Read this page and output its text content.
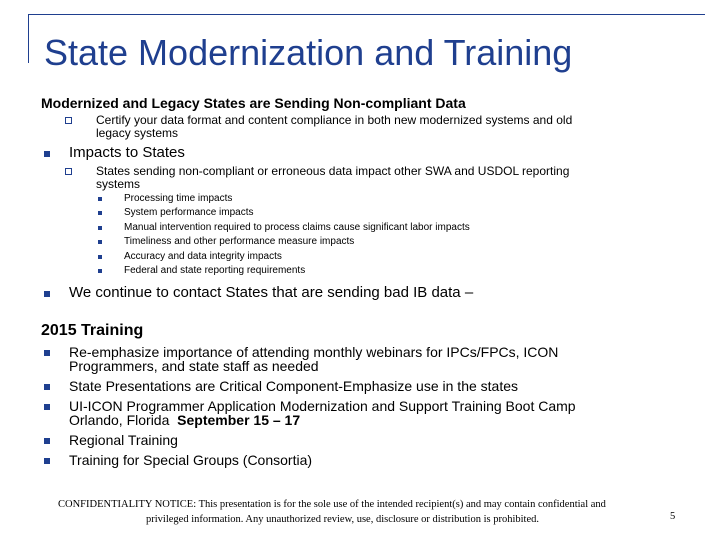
State Modernization and Training
Modernized and Legacy States are Sending Non-compliant Data
Certify your data format and content compliance in both new modernized systems and old
legacy systems
Impacts to States
States sending non-compliant or erroneous data impact other SWA and USDOL reporting
systems
Processing time impacts
System performance impacts
Manual intervention required to process claims cause significant labor impacts
Timeliness and other performance measure impacts
Accuracy and data integrity impacts
Federal and state reporting requirements
We continue to contact States that are sending bad IB data –
2015 Training
Re-emphasize importance of attending monthly webinars for IPCs/FPCs, ICON
Programmers, and state staff as needed
State Presentations are Critical Component-Emphasize use in the states
UI-ICON Programmer Application Modernization and Support Training Boot Camp
Orlando, Florida  September 15 – 17
Regional Training
Training for Special Groups (Consortia)
CONFIDENTIALITY NOTICE: This presentation is for the sole use of the intended recipient(s) and may contain confidential and
privileged information. Any unauthorized review, use, disclosure or distribution is prohibited.	5
